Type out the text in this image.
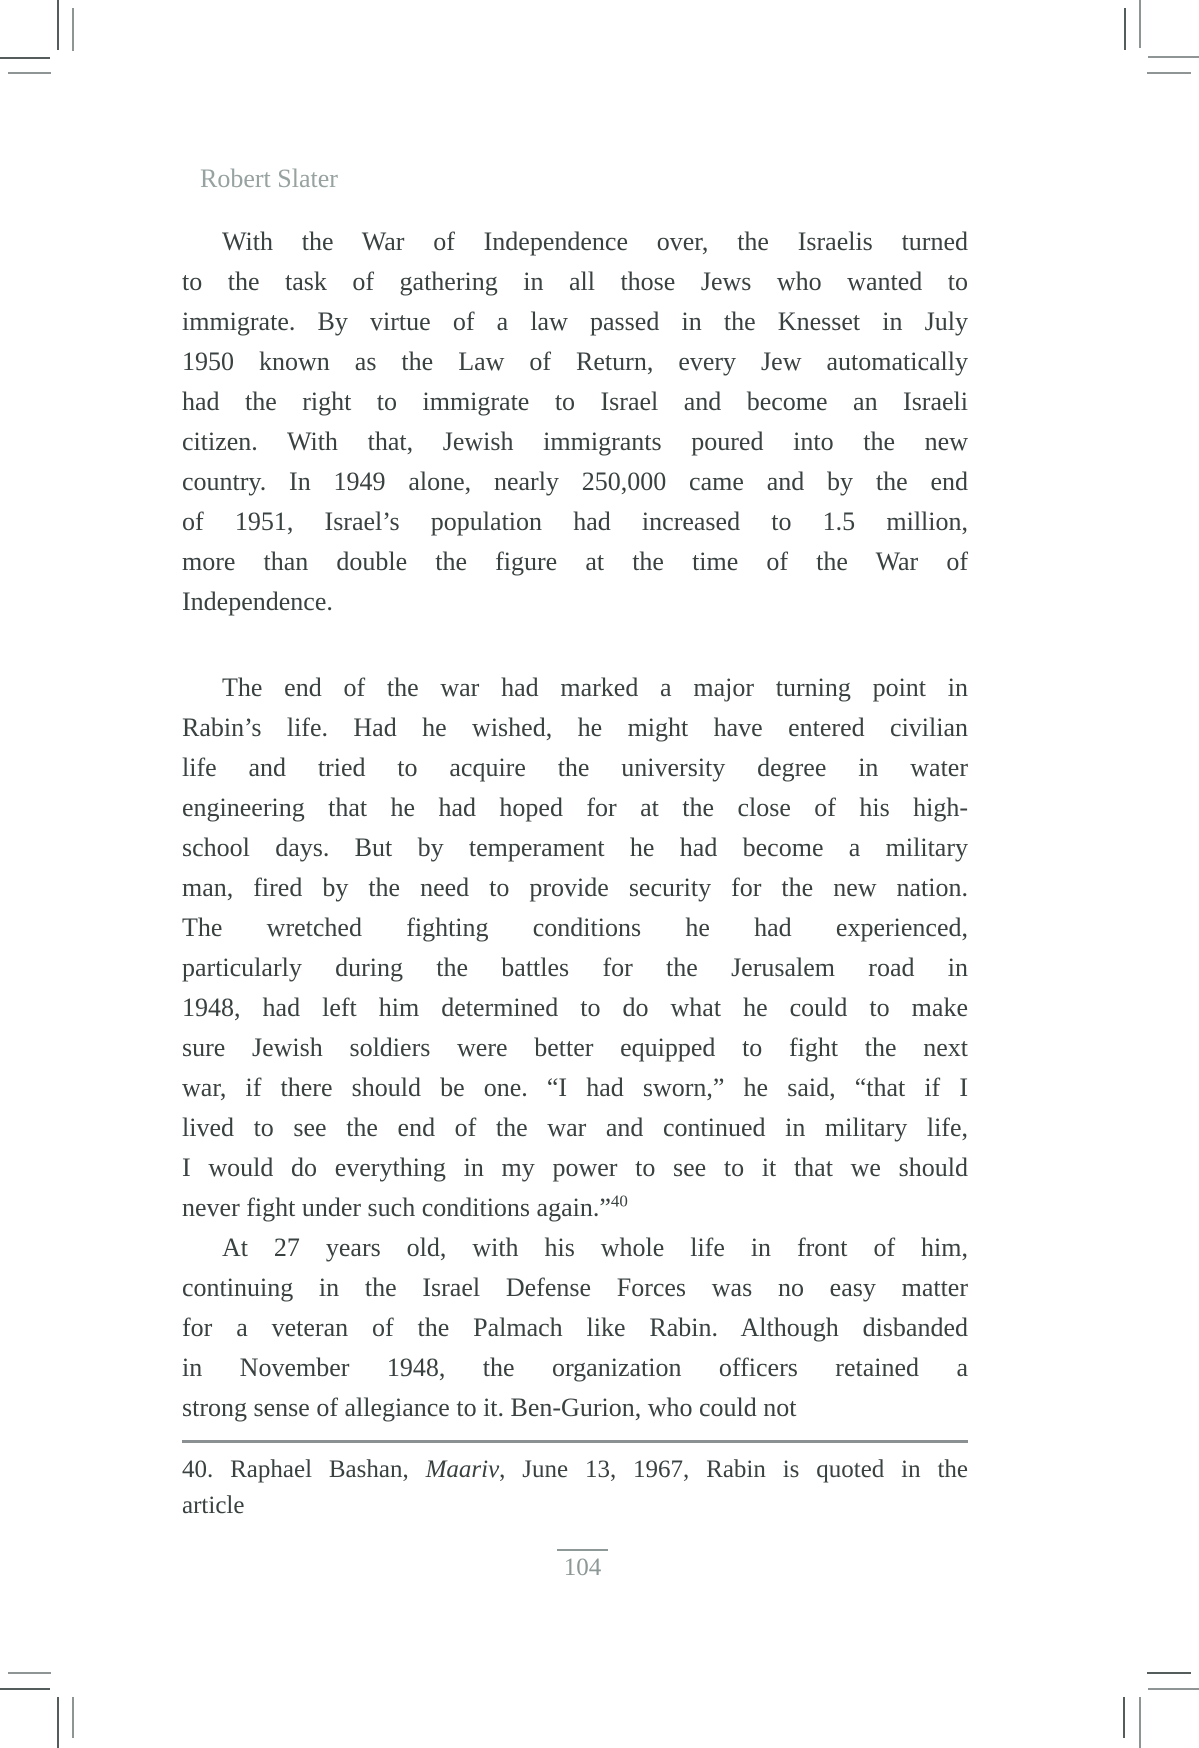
Robert Slater
With the War of Independence over, the Israelis turned
to the task of gathering in all those Jews who wanted to
immigrate. By virtue of a law passed in the Knesset in July
1950 known as the Law of Return, every Jew automatically
had the right to immigrate to Israel and become an Israeli
citizen. With that, Jewish immigrants poured into the new
country. In 1949 alone, nearly 250,000 came and by the end
of 1951, Israel’s population had increased to 1.5 million,
more than double the figure at the time of the War of
Independence.
The end of the war had marked a major turning point in
Rabin’s life. Had he wished, he might have entered civilian
life and tried to acquire the university degree in water
engineering that he had hoped for at the close of his high-
school days. But by temperament he had become a military
man, fired by the need to provide security for the new nation.
The wretched fighting conditions he had experienced,
particularly during the battles for the Jerusalem road in
1948, had left him determined to do what he could to make
sure Jewish soldiers were better equipped to fight the next
war, if there should be one. “I had sworn,” he said, “that if I
lived to see the end of the war and continued in military life,
I would do everything in my power to see to it that we should
never fight under such conditions again.”$^{40}$
At 27 years old, with his whole life in front of him,
continuing in the Israel Defense Forces was no easy matter
for a veteran of the Palmach like Rabin. Although disbanded
in November 1948, the organization officers retained a
strong sense of allegiance to it. Ben-Gurion, who could not
40. Raphael Bashan, Maariv, June 13, 1967, Rabin is quoted in the
article
104
